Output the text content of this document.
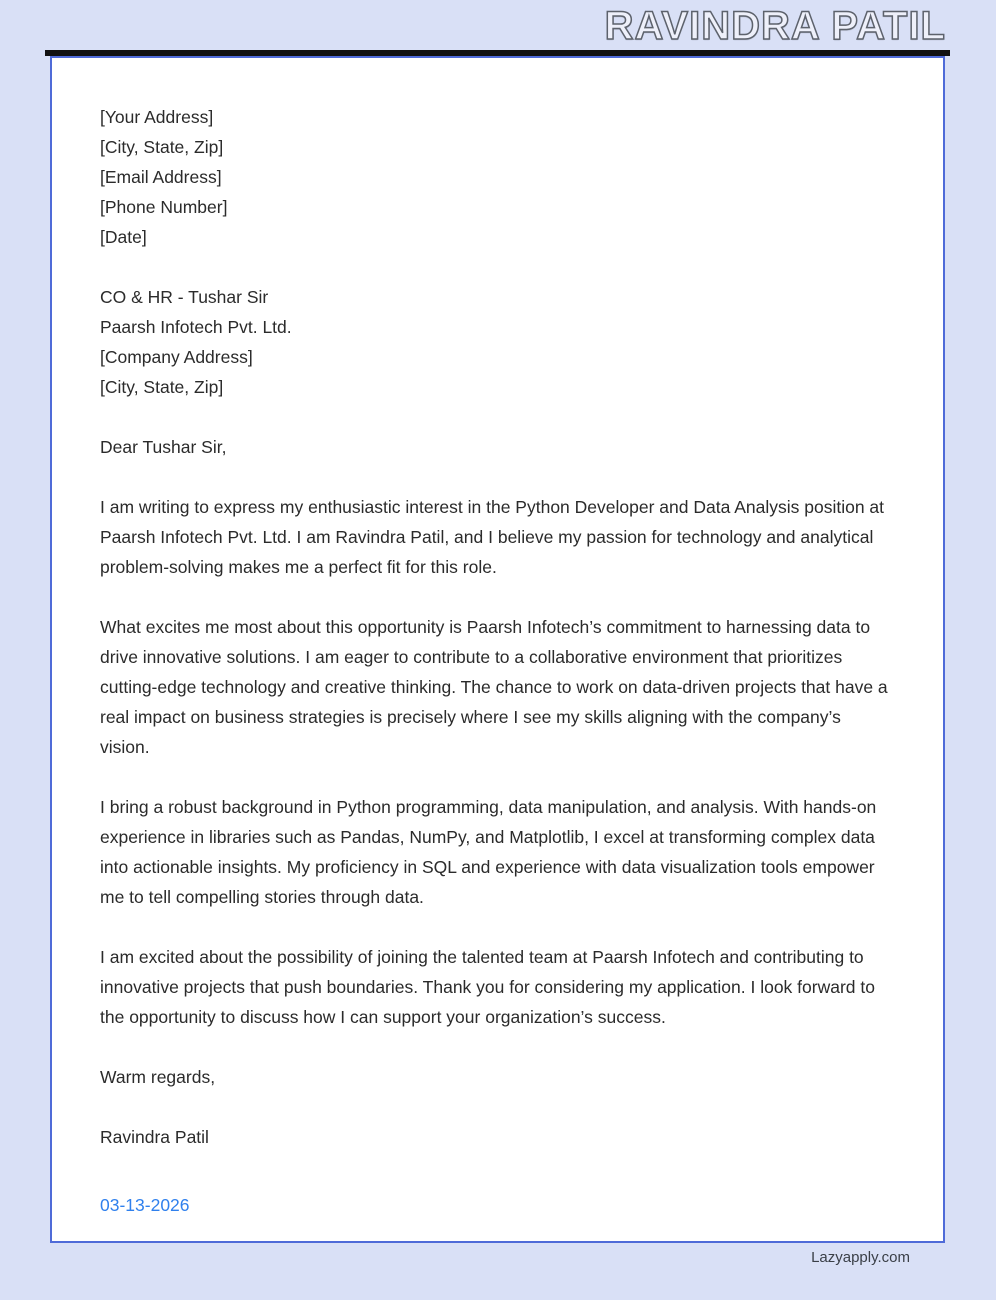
RAVINDRA PATIL
[Your Address]
[City, State, Zip]
[Email Address]
[Phone Number]
[Date]
CO & HR - Tushar Sir
Paarsh Infotech Pvt. Ltd.
[Company Address]
[City, State, Zip]
Dear Tushar Sir,

I am writing to express my enthusiastic interest in the Python Developer and Data Analysis position at Paarsh Infotech Pvt. Ltd. I am Ravindra Patil, and I believe my passion for technology and analytical problem-solving makes me a perfect fit for this role.

What excites me most about this opportunity is Paarsh Infotech’s commitment to harnessing data to drive innovative solutions. I am eager to contribute to a collaborative environment that prioritizes cutting-edge technology and creative thinking. The chance to work on data-driven projects that have a real impact on business strategies is precisely where I see my skills aligning with the company’s vision.

I bring a robust background in Python programming, data manipulation, and analysis. With hands-on experience in libraries such as Pandas, NumPy, and Matplotlib, I excel at transforming complex data into actionable insights. My proficiency in SQL and experience with data visualization tools empower me to tell compelling stories through data.

I am excited about the possibility of joining the talented team at Paarsh Infotech and contributing to innovative projects that push boundaries. Thank you for considering my application. I look forward to the opportunity to discuss how I can support your organization’s success.

Warm regards,
Ravindra Patil
03-13-2026
Lazyapply.com
